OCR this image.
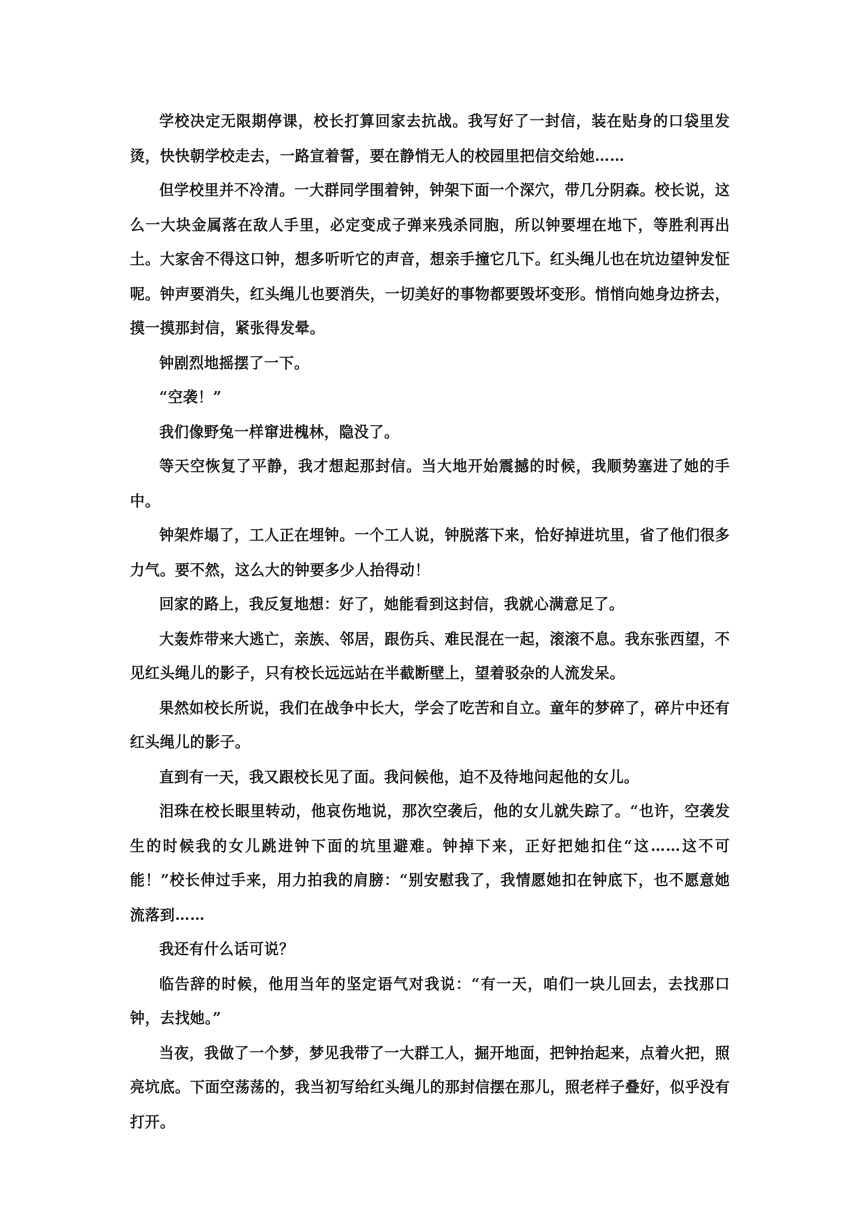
学校决定无限期停课，校长打算回家去抗战。我写好了一封信，装在贴身的口袋里发烫，快快朝学校走去，一路宣着誓，要在静悄无人的校园里把信交给她……

但学校里并不冷清。一大群同学围着钟，钟架下面一个深穴，带几分阴森。校长说，这么一大块金属落在敌人手里，必定变成子弹来残杀同胞，所以钟要埋在地下，等胜利再出土。大家舍不得这口钟，想多听听它的声音，想亲手撞它几下。红头绳儿也在坑边望钟发怔呢。钟声要消失，红头绳儿也要消失，一切美好的事物都要毁坏变形。悄悄向她身边挤去，摸一摸那封信，紧张得发晕。

钟剧烈地摇摆了一下。

“空袭！”

我们像野兔一样窜进槐林，隐没了。

等天空恢复了平静，我才想起那封信。当大地开始震撼的时候，我顺势塞进了她的手中。

钟架炸塌了，工人正在埋钟。一个工人说，钟脱落下来，恰好掉进坑里，省了他们很多力气。要不然，这么大的钟要多少人抬得动！

回家的路上，我反复地想：好了，她能看到这封信，我就心满意足了。

大轰炸带来大逃亡，亲族、邻居，跟伤兵、难民混在一起，滚滚不息。我东张西望，不见红头绳儿的影子，只有校长远远站在半截断壁上，望着驳杂的人流发呆。

果然如校长所说，我们在战争中长大，学会了吃苦和自立。童年的梦碎了，碎片中还有红头绳儿的影子。

直到有一天，我又跟校长见了面。我问候他，迫不及待地问起他的女儿。

泪珠在校长眼里转动，他哀伤地说，那次空袭后，他的女儿就失踪了。“也许，空袭发生的时候我的女儿跳进钟下面的坑里避难。钟掉下来，正好把她扣住“这……这不可能！”校长伸过手来，用力拍我的肩膀：“别安慰我了，我情愿她扣在钟底下，也不愿意她流落到……

我还有什么话可说？

临告辞的时候，他用当年的坚定语气对我说：“有一天，咱们一块儿回去，去找那口钟，去找她。”

当夜，我做了一个梦，梦见我带了一大群工人，掘开地面，把钟抬起来，点着火把，照亮坑底。下面空荡荡的，我当初写给红头绳儿的那封信摆在那儿，照老样子叠好，似乎没有打开。
